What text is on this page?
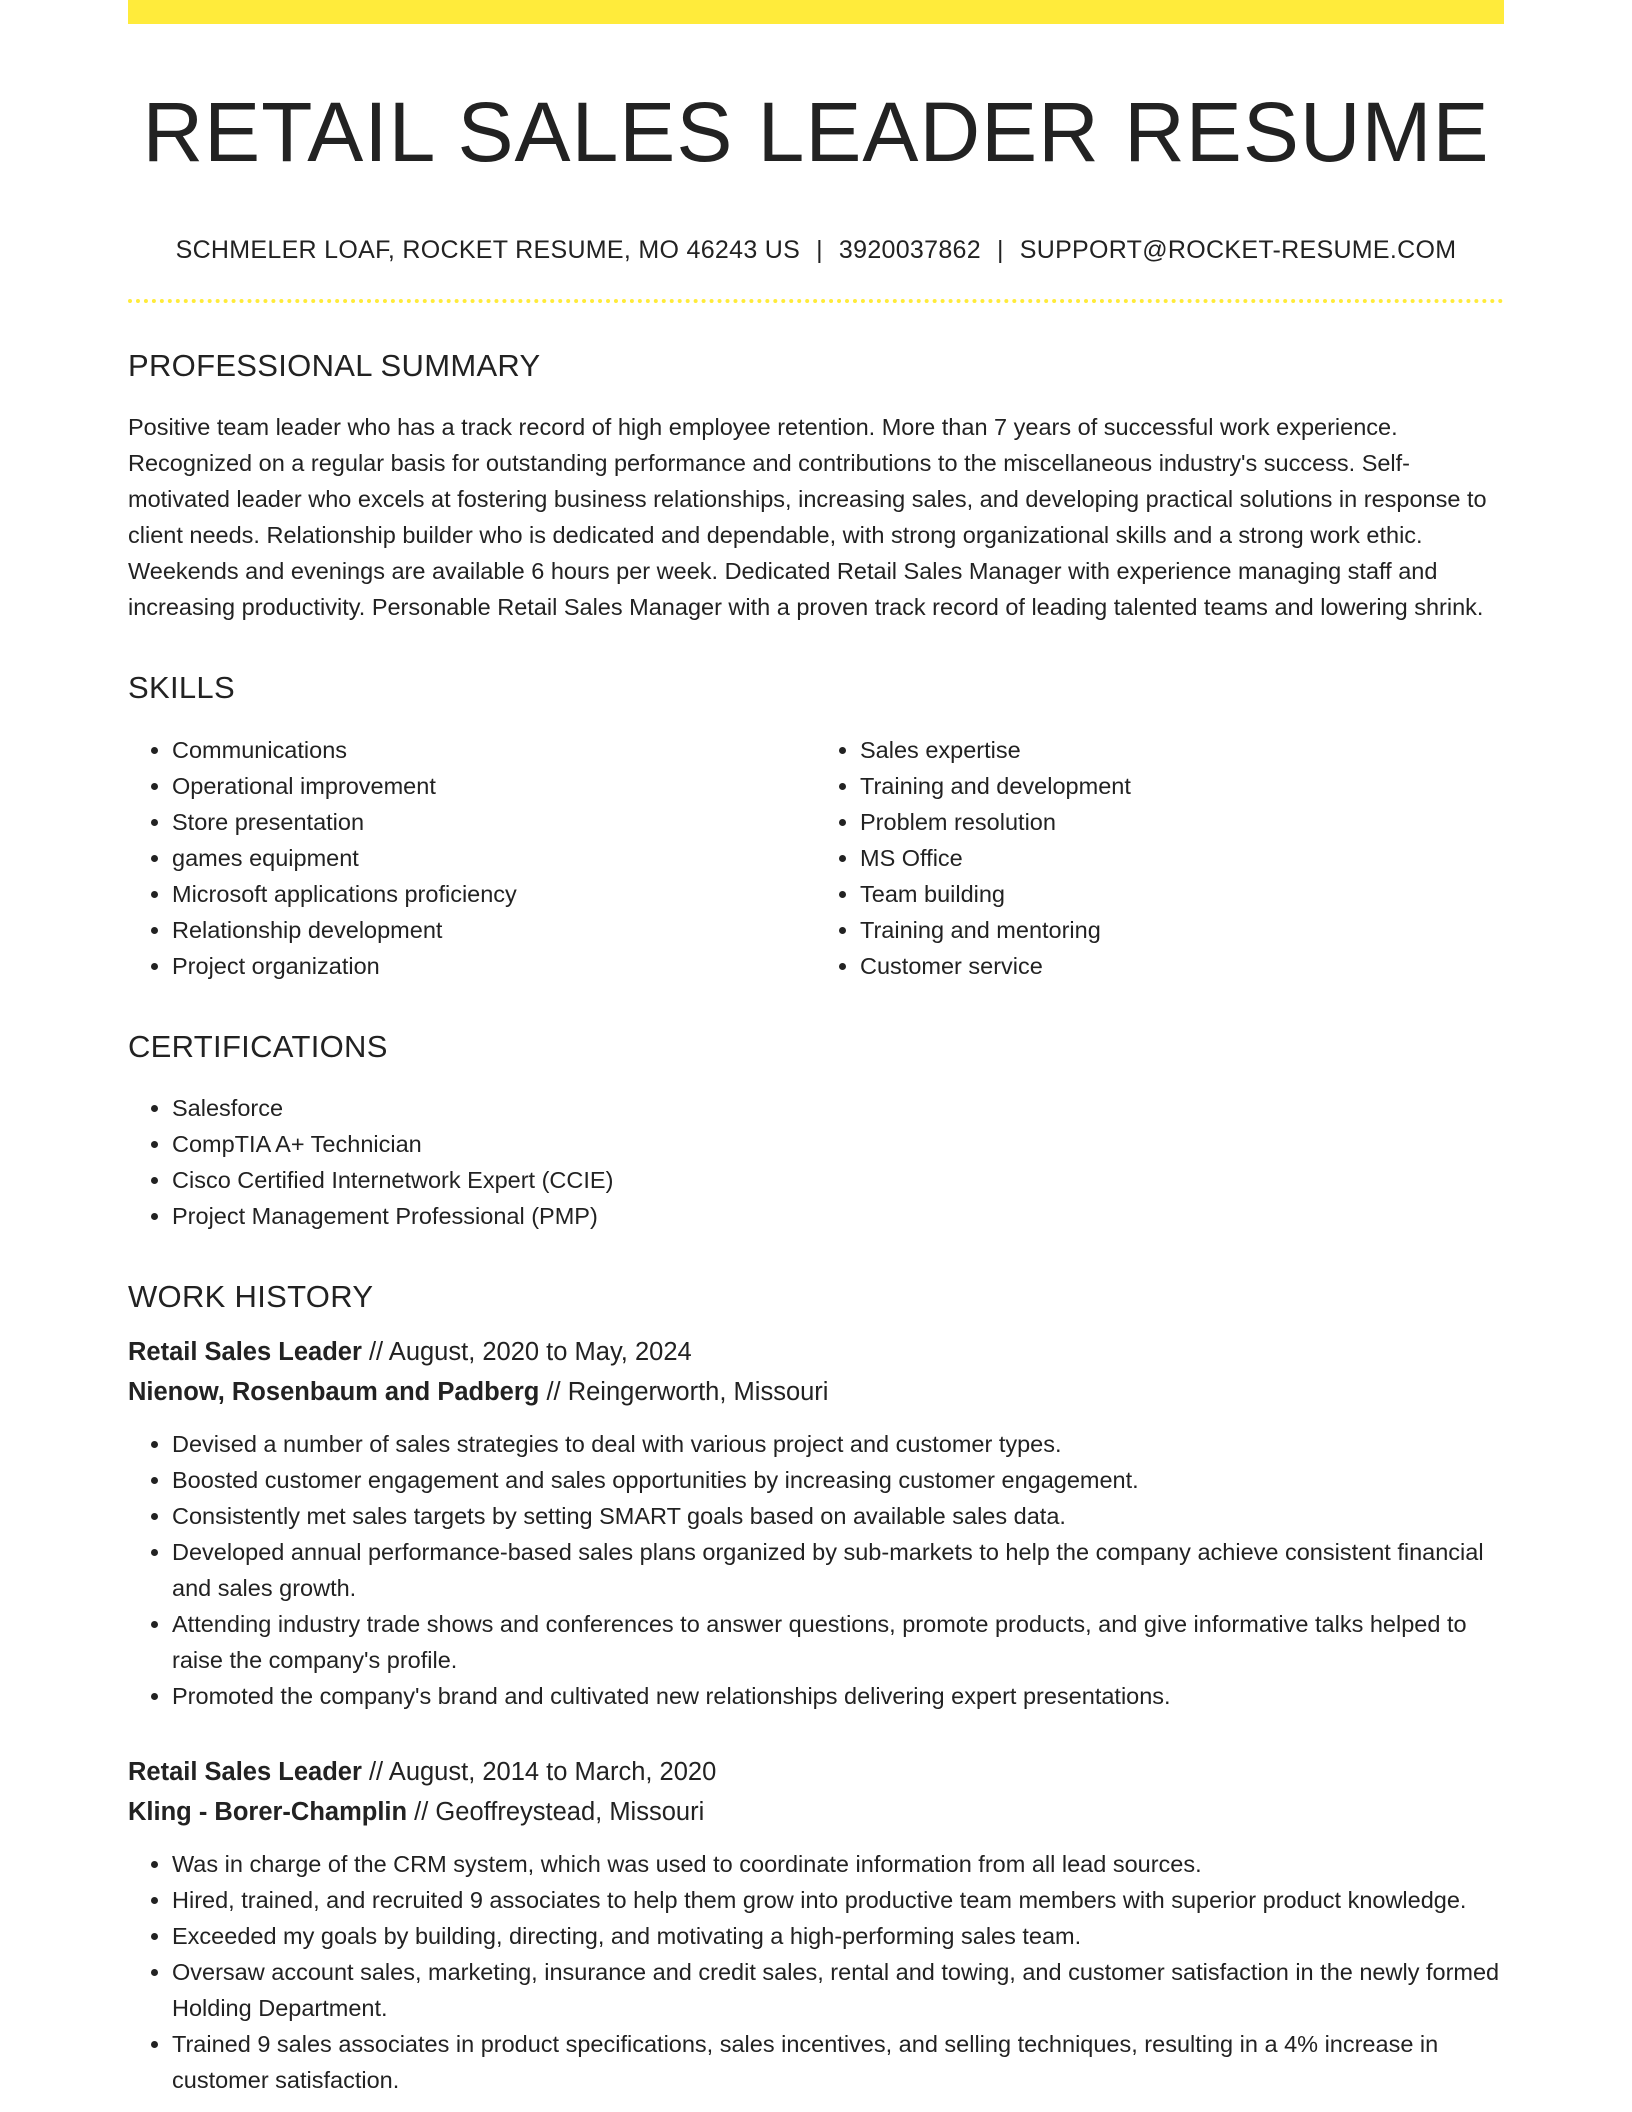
RETAIL SALES LEADER RESUME
SCHMELER LOAF, ROCKET RESUME, MO 46243 US | 3920037862 | SUPPORT@ROCKET-RESUME.COM
PROFESSIONAL SUMMARY
Positive team leader who has a track record of high employee retention. More than 7 years of successful work experience. Recognized on a regular basis for outstanding performance and contributions to the miscellaneous industry's success. Self-motivated leader who excels at fostering business relationships, increasing sales, and developing practical solutions in response to client needs. Relationship builder who is dedicated and dependable, with strong organizational skills and a strong work ethic. Weekends and evenings are available 6 hours per week. Dedicated Retail Sales Manager with experience managing staff and increasing productivity. Personable Retail Sales Manager with a proven track record of leading talented teams and lowering shrink.
SKILLS
• Communications
• Operational improvement
• Store presentation
• games equipment
• Microsoft applications proficiency
• Relationship development
• Project organization
• Sales expertise
• Training and development
• Problem resolution
• MS Office
• Team building
• Training and mentoring
• Customer service
CERTIFICATIONS
• Salesforce
• CompTIA A+ Technician
• Cisco Certified Internetwork Expert (CCIE)
• Project Management Professional (PMP)
WORK HISTORY
Retail Sales Leader // August, 2020 to May, 2024
Nienow, Rosenbaum and Padberg // Reingerworth, Missouri
• Devised a number of sales strategies to deal with various project and customer types.
• Boosted customer engagement and sales opportunities by increasing customer engagement.
• Consistently met sales targets by setting SMART goals based on available sales data.
• Developed annual performance-based sales plans organized by sub-markets to help the company achieve consistent financial and sales growth.
• Attending industry trade shows and conferences to answer questions, promote products, and give informative talks helped to raise the company's profile.
• Promoted the company's brand and cultivated new relationships delivering expert presentations.
Retail Sales Leader // August, 2014 to March, 2020
Kling - Borer-Champlin // Geoffreystead, Missouri
• Was in charge of the CRM system, which was used to coordinate information from all lead sources.
• Hired, trained, and recruited 9 associates to help them grow into productive team members with superior product knowledge.
• Exceeded my goals by building, directing, and motivating a high-performing sales team.
• Oversaw account sales, marketing, insurance and credit sales, rental and towing, and customer satisfaction in the newly formed Holding Department.
• Trained 9 sales associates in product specifications, sales incentives, and selling techniques, resulting in a 4% increase in customer satisfaction.
